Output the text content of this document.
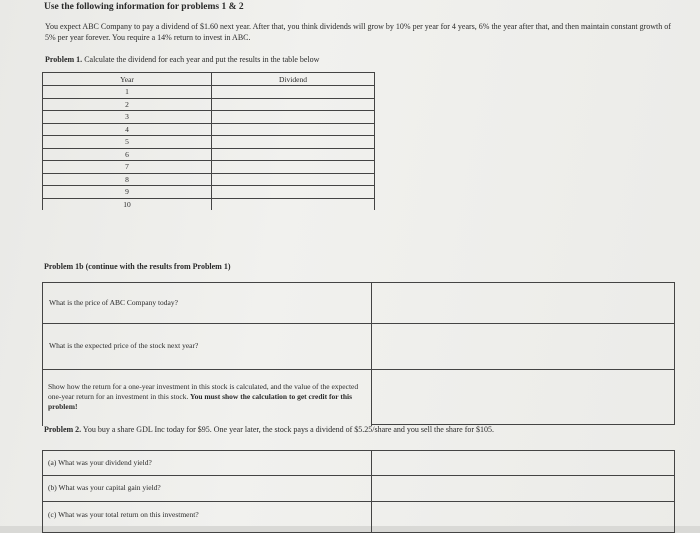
Use the following information for problems 1 & 2
You expect ABC Company to pay a dividend of $1.60 next year. After that, you think dividends will grow by 10% per year for 4 years, 6% the year after that, and then maintain constant growth of 5% per year forever. You require a 14% return to invest in ABC.
Problem 1. Calculate the dividend for each year and put the results in the table below
Year	Dividend
1	
2	
3	
4	
5	
6	
7	
8	
9	
10	
Problem 1b (continue with the results from Problem 1)
What is the price of ABC Company today?
What is the expected price of the stock next year?
Show how the return for a one-year investment in this stock is calculated, and the value of the expected one-year return for an investment in this stock. You must show the calculation to get credit for this problem!
Problem 2. You buy a share GDL Inc today for $95. One year later, the stock pays a dividend of $5.25/share and you sell the share for $105.
(a) What was your dividend yield?
(b) What was your capital gain yield?
(c) What was your total return on this investment?
